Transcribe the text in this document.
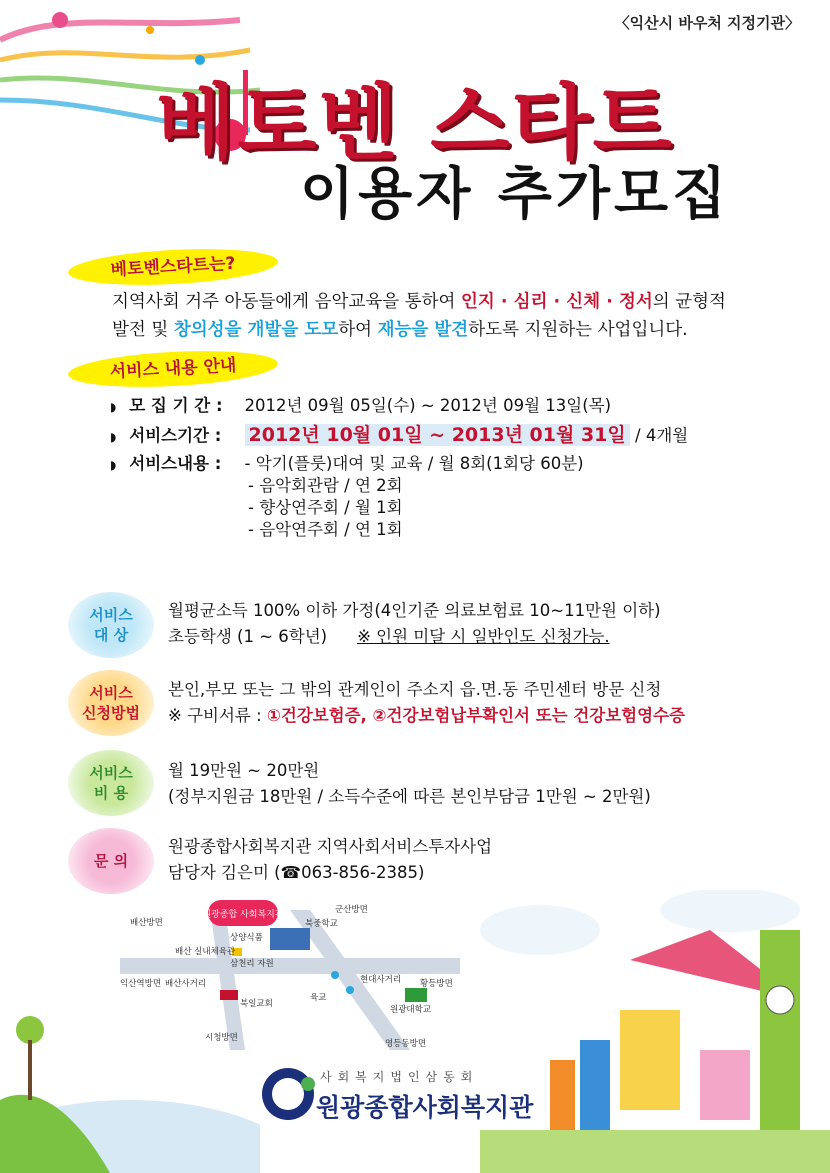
〈익산시 바우처 지정기관〉
베토벤 스타트
이용자 추가모집
베토벤스타트는?
지역사회 거주 아동들에게 음악교육을 통하여 인지 · 심리 · 신체 · 정서의 균형적
발전 및 창의성을 개발을 도모하여 재능을 발견하도록 지원하는 사업입니다.
서비스 내용 안내
◗ 모 집 기 간 : 2012년 09월 05일(수) ~ 2012년 09월 13일(목)
◗ 서비스기간 : 2012년 10월 01일 ~ 2013년 01월 31일 / 4개월
◗ 서비스내용 : - 악기(플룻)대여 및 교육 / 월 8회(1회당 60분)
- 음악회관람 / 연 2회
- 향상연주회 / 월 1회
- 음악연주회 / 연 1회
서비스
대 상
월평균소득 100% 이하 가정(4인기준 의료보험료 10~11만원 이하)
초등학생 (1 ~ 6학년) ※ 인원 미달 시 일반인도 신청가능.
서비스
신청방법
본인,부모 또는 그 밖의 관계인이 주소지 읍.면.동 주민센터 방문 신청
※ 구비서류 : ①건강보험증, ②건강보험납부확인서 또는 건강보험영수증
서비스
비 용
월 19만원 ~ 20만원
(정부지원금 18만원 / 소득수준에 따른 본인부담금 1만원 ~ 2만원)
문 의
원광종합사회복지관 지역사회서비스투자사업
담당자 김은미 (☎063-856-2385)
원광종합 사회복지관
배산방면
군산방면
북중학교
상양식품
배산 실내체육관
삼천리 자원
익산역방면 배산사거리	현대사거리 황등방면
북일교회
육교
원광대학교
시청방면
영등동방면
사회복지법인삼동회
원광종합사회복지관
